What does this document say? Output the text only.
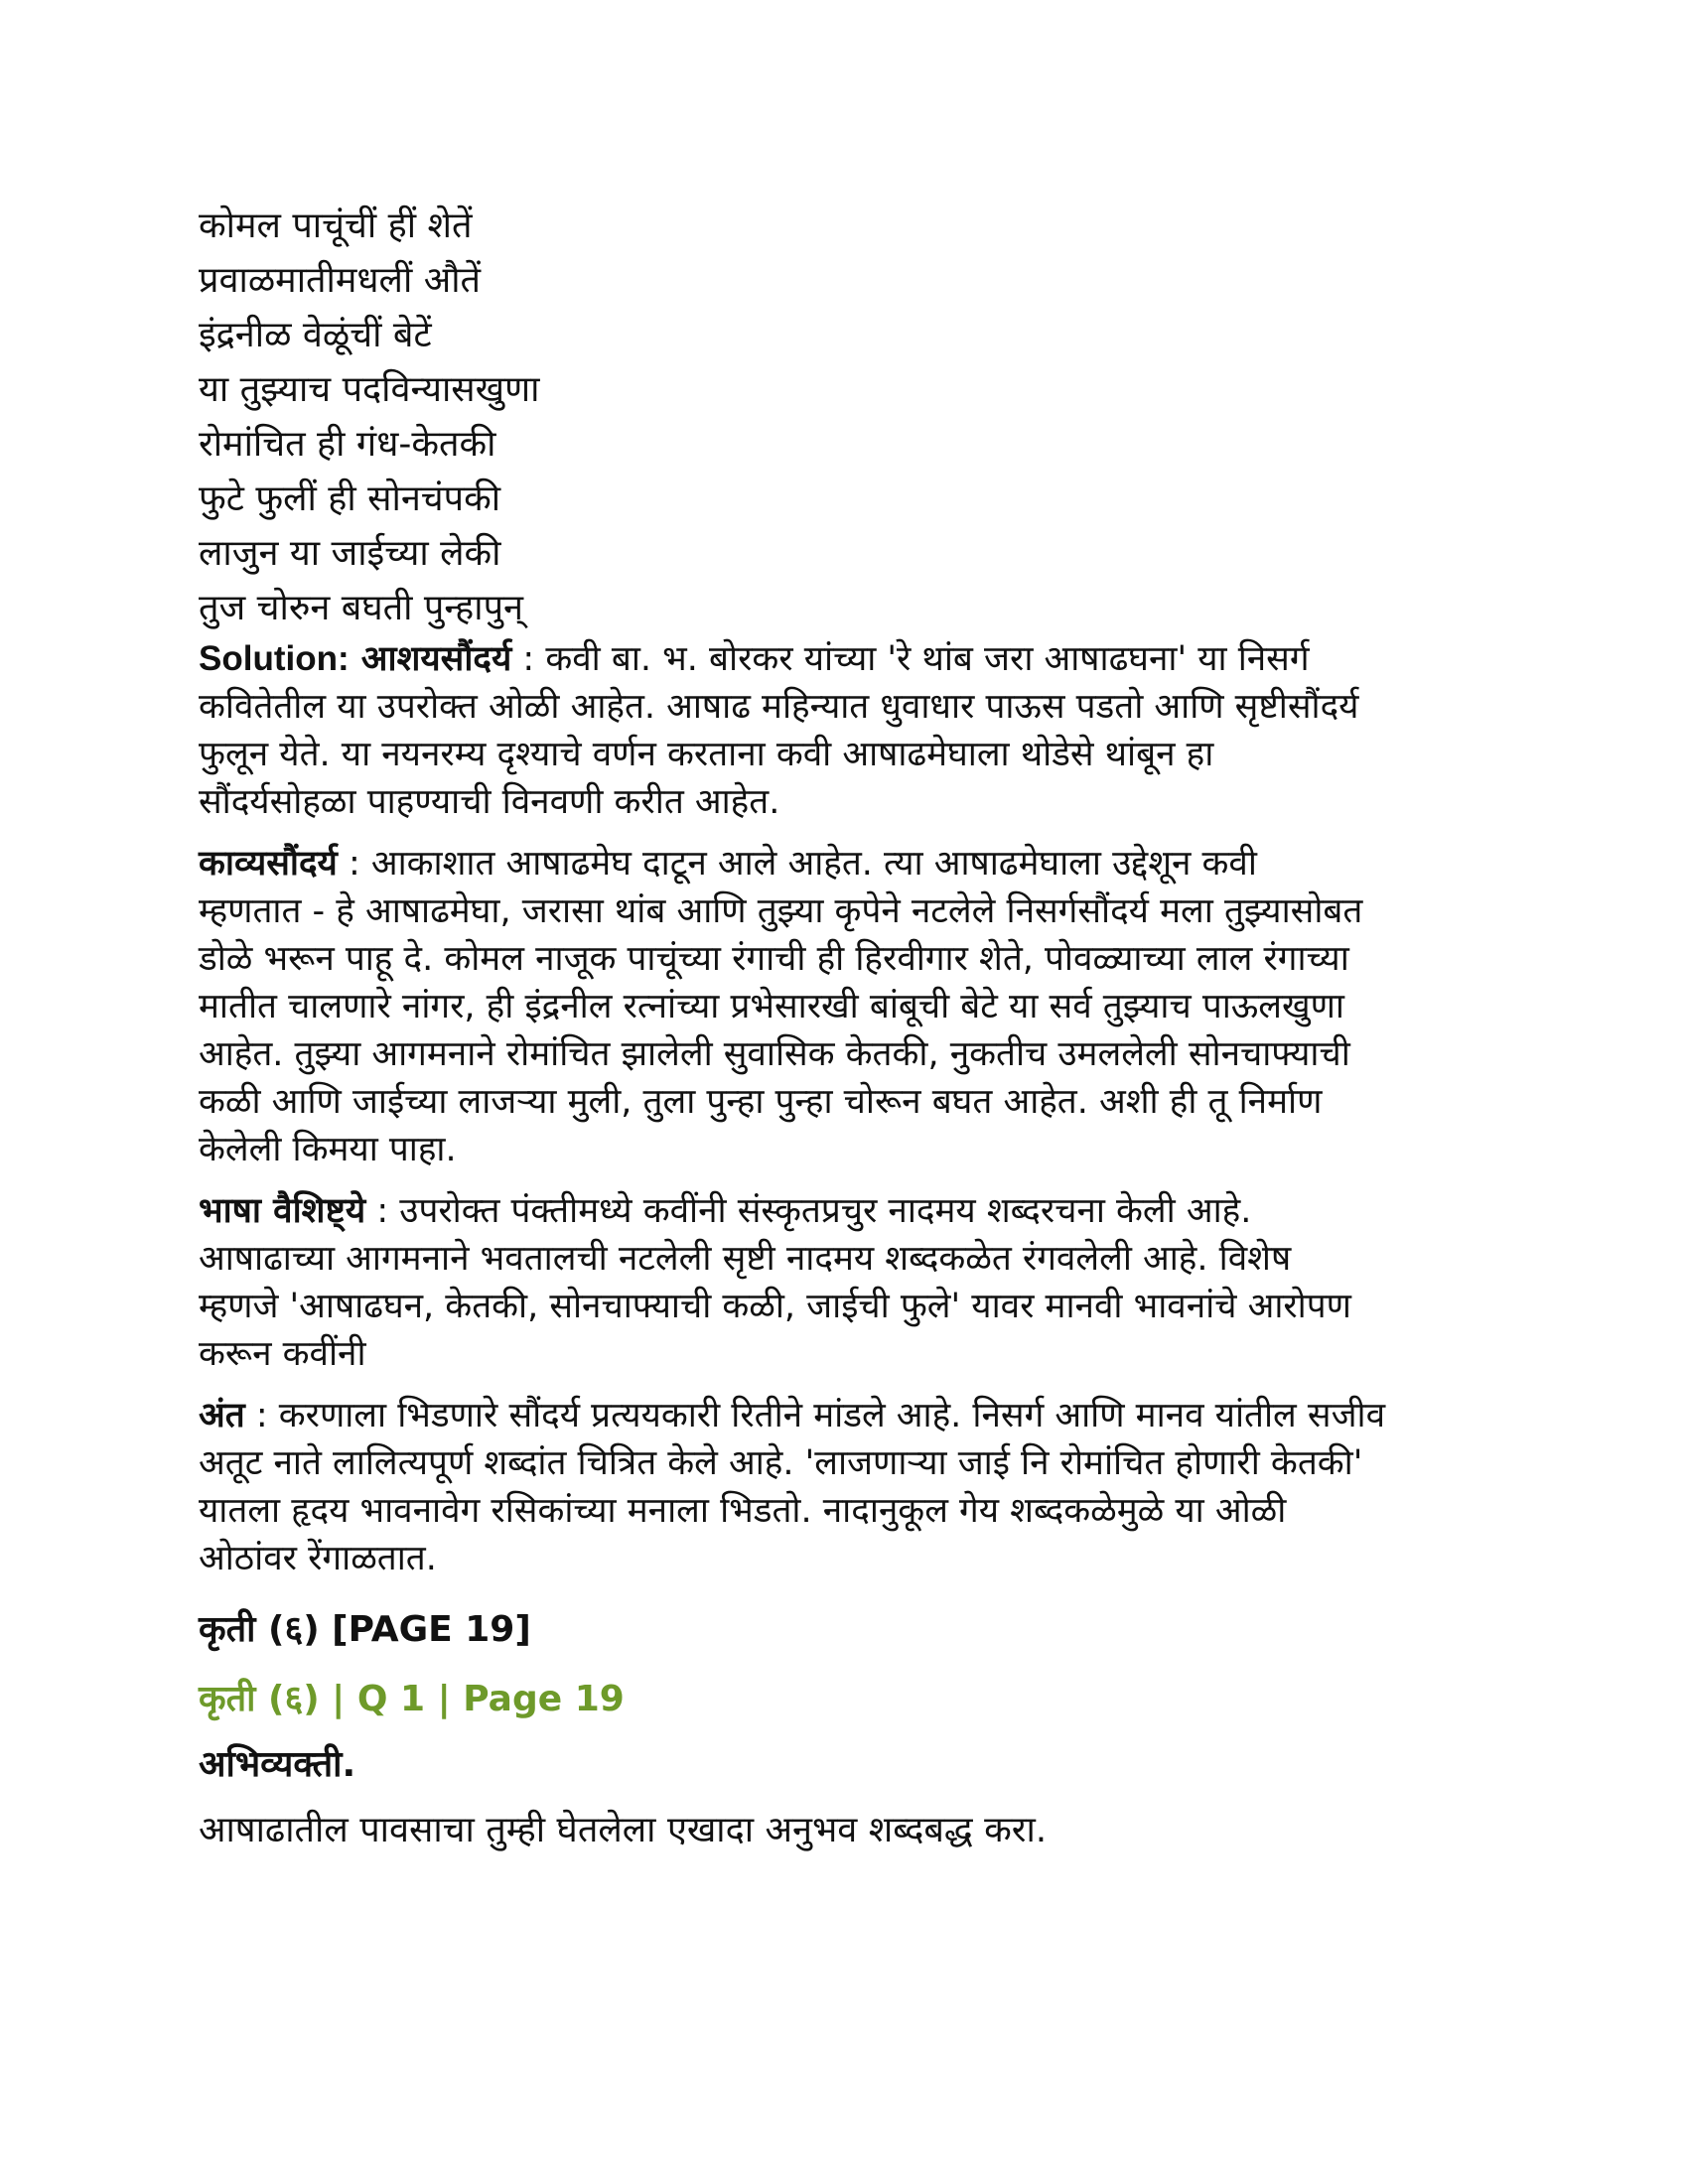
कोमल पाचूंचीं हीं शेतें

प्रवाळमातीमधलीं औतें

इंद्रनीळ वेळूंचीं बेटें

या तुझ्याच पदविन्यासखुणा

रोमांचित ही गंध-केतकी

फुटे फुलीं ही सोनचंपकी

लाजुन या जाईच्या लेकी

तुज चोरुन बघती पुन्हापुन्

Solution: आशयसौंदर्य : कवी बा. भ. बोरकर यांच्या 'रे थांब जरा आषाढघना' या निसर्ग
कवितेतील या उपरोक्त ओळी आहेत. आषाढ महिन्यात धुवाधार पाऊस पडतो आणि सृष्टीसौंदर्य
फुलून येते. या नयनरम्य दृश्याचे वर्णन करताना कवी आषाढमेघाला थोडेसे थांबून हा
सौंदर्यसोहळा पाहण्याची विनवणी करीत आहेत.

काव्यसौंदर्य : आकाशात आषाढमेघ दाटून आले आहेत. त्या आषाढमेघाला उद्देशून कवी
म्हणतात - हे आषाढमेघा, जरासा थांब आणि तुझ्या कृपेने नटलेले निसर्गसौंदर्य मला तुझ्यासोबत
डोळे भरून पाहू दे. कोमल नाजूक पाचूंच्या रंगाची ही हिरवीगार शेते, पोवळ्याच्या लाल रंगाच्या
मातीत चालणारे नांगर, ही इंद्रनील रत्नांच्या प्रभेसारखी बांबूची बेटे या सर्व तुझ्याच पाऊलखुणा
आहेत. तुझ्या आगमनाने रोमांचित झालेली सुवासिक केतकी, नुकतीच उमललेली सोनचाफ्याची
कळी आणि जाईच्या लाजऱ्या मुली, तुला पुन्हा पुन्हा चोरून बघत आहेत. अशी ही तू निर्माण
केलेली किमया पाहा.

भाषा वैशिष्ट्ये : उपरोक्त पंक्तीमध्ये कवींनी संस्कृतप्रचुर नादमय शब्दरचना केली आहे.
आषाढाच्या आगमनाने भवतालची नटलेली सृष्टी नादमय शब्दकळेत रंगवलेली आहे. विशेष
म्हणजे 'आषाढघन, केतकी, सोनचाफ्याची कळी, जाईची फुले' यावर मानवी भावनांचे आरोपण
करून कवींनी

अंत : करणाला भिडणारे सौंदर्य प्रत्ययकारी रितीने मांडले आहे. निसर्ग आणि मानव यांतील सजीव
अतूट नाते लालित्यपूर्ण शब्दांत चित्रित केले आहे. 'लाजणाऱ्या जाई नि रोमांचित होणारी केतकी'
यातला हृदय भावनावेग रसिकांच्या मनाला भिडतो. नादानुकूल गेय शब्दकळेमुळे या ओळी
ओठांवर रेंगाळतात.

कृती (६) [PAGE 19]
कृती (६) | Q 1 | Page 19
अभिव्यक्ती.

आषाढातील पावसाचा तुम्ही घेतलेला एखादा अनुभव शब्दबद्ध करा.
